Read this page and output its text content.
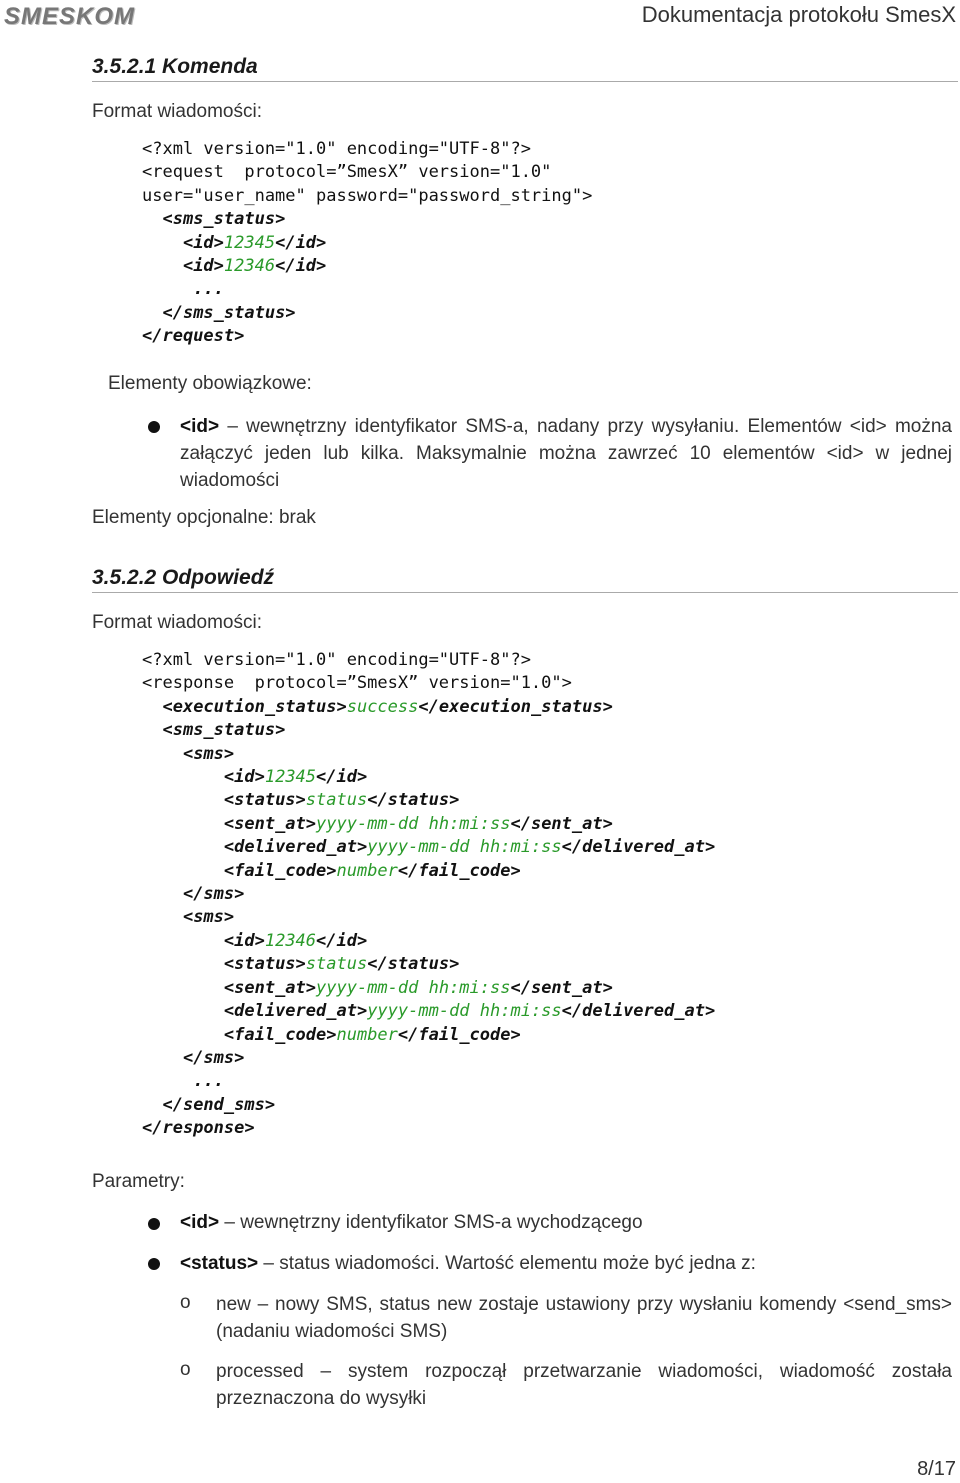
SMESKOM	Dokumentacja protokołu SmesX
3.5.2.1 Komenda
Format wiadomości:
<?xml version="1.0" encoding="UTF-8"?>
<request  protocol=”SmesX” version="1.0"
user="user_name" password="password_string">
<sms_status>
<id>12345</id>
<id>12346</id>
...
</sms_status>
</request>
Elementy obowiązkowe:
<id> – wewnętrzny identyfikator SMS-a, nadany przy wysyłaniu. Elementów <id> można załączyć jeden lub kilka. Maksymalnie można zawrzeć 10 elementów <id> w jednej wiadomości
Elementy opcjonalne: brak
3.5.2.2 Odpowiedź
Format wiadomości:
<?xml version="1.0" encoding="UTF-8"?>
<response  protocol=”SmesX” version="1.0">
<execution_status>success</execution_status>
<sms_status>
<sms>
<id>12345</id>
<status>status</status>
<sent_at>yyyy-mm-dd hh:mi:ss</sent_at>
<delivered_at>yyyy-mm-dd hh:mi:ss</delivered_at>
<fail_code>number</fail_code>
</sms>
<sms>
<id>12346</id>
<status>status</status>
<sent_at>yyyy-mm-dd hh:mi:ss</sent_at>
<delivered_at>yyyy-mm-dd hh:mi:ss</delivered_at>
<fail_code>number</fail_code>
</sms>
...
</send_sms>
</response>
Parametry:
<id> – wewnętrzny identyfikator SMS-a wychodzącego
<status> – status wiadomości. Wartość elementu może być jedna z:
o new – nowy SMS, status new zostaje ustawiony przy wysłaniu komendy <send_sms> (nadaniu wiadomości SMS)
o processed – system rozpoczął przetwarzanie wiadomości, wiadomość została przeznaczona do wysyłki
8/17
